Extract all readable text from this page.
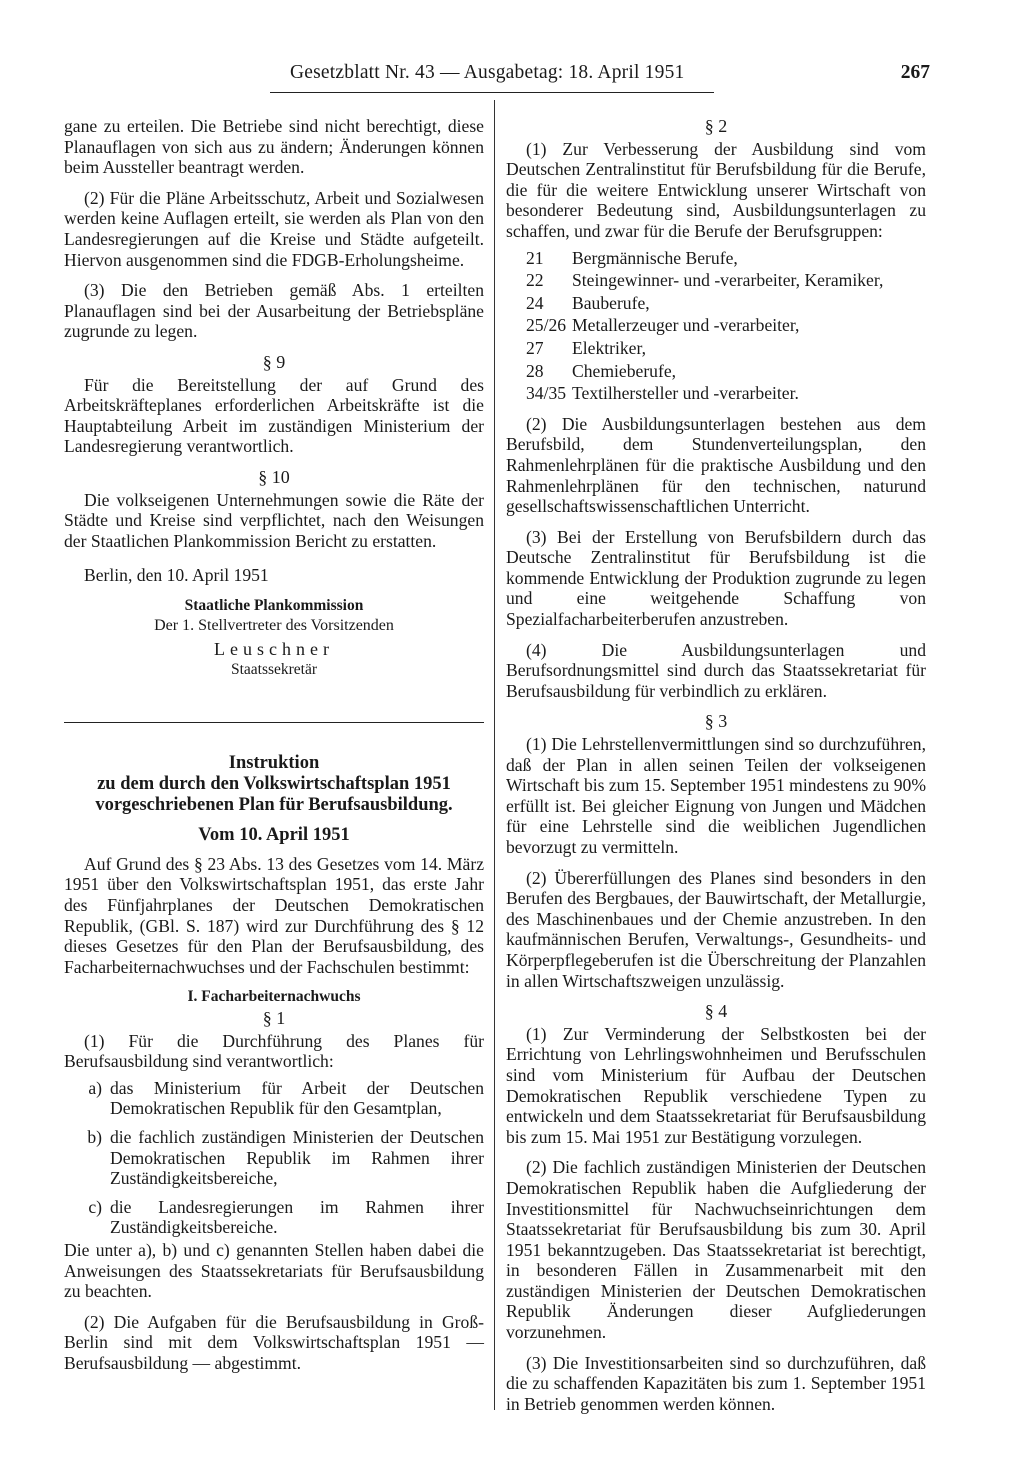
Gesetzblatt Nr. 43 — Ausgabetag: 18. April 1951	267

gane zu erteilen. Die Betriebe sind nicht berechtigt, diese Planauflagen von sich aus zu ändern; Änderungen können beim Aussteller beantragt werden.

(2) Für die Pläne Arbeitsschutz, Arbeit und Sozialwesen werden keine Auflagen erteilt, sie werden als Plan von den Landesregierungen auf die Kreise und Städte aufgeteilt. Hiervon ausgenommen sind die FDGB-Erholungsheime.

(3) Die den Betrieben gemäß Abs. 1 erteilten Planauflagen sind bei der Ausarbeitung der Betriebspläne zugrunde zu legen.

§ 9

Für die Bereitstellung der auf Grund des Arbeitskräfteplanes erforderlichen Arbeitskräfte ist die Hauptabteilung Arbeit im zuständigen Ministerium der Landesregierung verantwortlich.

§ 10

Die volkseigenen Unternehmungen sowie die Räte der Städte und Kreise sind verpflichtet, nach den Weisungen der Staatlichen Plankommission Bericht zu erstatten.

Berlin, den 10. April 1951

Staatliche Plankommission
Der 1. Stellvertreter des Vorsitzenden
Leuschner
Staatssekretär
Instruktion
zu dem durch den Volkswirtschaftsplan 1951
vorgeschriebenen Plan für Berufsausbildung.
Vom 10. April 1951

Auf Grund des § 23 Abs. 13 des Gesetzes vom 14. März 1951 über den Volkswirtschaftsplan 1951, das erste Jahr des Fünfjahrplanes der Deutschen Demokratischen Republik, (GBl. S. 187) wird zur Durchführung des § 12 dieses Gesetzes für den Plan der Berufsausbildung, des Facharbeiternachwuchses und der Fachschulen bestimmt:

I. Facharbeiternachwuchs
§ 1

(1) Für die Durchführung des Planes für Berufsausbildung sind verantwortlich:

a) das Ministerium für Arbeit der Deutschen Demokratischen Republik für den Gesamtplan,
b) die fachlich zuständigen Ministerien der Deutschen Demokratischen Republik im Rahmen ihrer Zuständigkeitsbereiche,
c) die Landesregierungen im Rahmen ihrer Zuständigkeitsbereiche.

Die unter a), b) und c) genannten Stellen haben dabei die Anweisungen des Staatssekretariats für Berufsausbildung zu beachten.

(2) Die Aufgaben für die Berufsausbildung in Groß-Berlin sind mit dem Volkswirtschaftsplan 1951 — Berufsausbildung — abgestimmt.

§ 2

(1) Zur Verbesserung der Ausbildung sind vom Deutschen Zentralinstitut für Berufsbildung für die Berufe, die für die weitere Entwicklung unserer Wirtschaft von besonderer Bedeutung sind, Ausbildungsunterlagen zu schaffen, und zwar für die Berufe der Berufsgruppen:

21	Bergmännische Berufe,
22	Steingewinner- und -verarbeiter, Keramiker,
24	Bauberufe,
25/26 Metallerzeuger und -verarbeiter,
27	Elektriker,
28	Chemieberufe,
34/35 Textilhersteller und -verarbeiter.

(2) Die Ausbildungsunterlagen bestehen aus dem Berufsbild, dem Stundenverteilungsplan, den Rahmenlehrplänen für die praktische Ausbildung und den Rahmenlehrplänen für den technischen, naturund gesellschaftswissenschaftlichen Unterricht.

(3) Bei der Erstellung von Berufsbildern durch das Deutsche Zentralinstitut für Berufsbildung ist die kommende Entwicklung der Produktion zugrunde zu legen und eine weitgehende Schaffung von Spezialfacharbeiterberufen anzustreben.

(4) Die Ausbildungsunterlagen und Berufsordnungsmittel sind durch das Staatssekretariat für Berufsausbildung für verbindlich zu erklären.

§ 3

(1) Die Lehrstellenvermittlungen sind so durchzuführen, daß der Plan in allen seinen Teilen der volkseigenen Wirtschaft bis zum 15. September 1951 mindestens zu 90% erfüllt ist. Bei gleicher Eignung von Jungen und Mädchen für eine Lehrstelle sind die weiblichen Jugendlichen bevorzugt zu vermitteln.

(2) Übererfüllungen des Planes sind besonders in den Berufen des Bergbaues, der Bauwirtschaft, der Metallurgie, des Maschinenbaues und der Chemie anzustreben. In den kaufmännischen Berufen, Verwaltungs-, Gesundheits- und Körperpflegeberufen ist die Überschreitung der Planzahlen in allen Wirtschaftszweigen unzulässig.

§ 4

(1) Zur Verminderung der Selbstkosten bei der Errichtung von Lehrlingswohnheimen und Berufsschulen sind vom Ministerium für Aufbau der Deutschen Demokratischen Republik verschiedene Typen zu entwickeln und dem Staatssekretariat für Berufsausbildung bis zum 15. Mai 1951 zur Bestätigung vorzulegen.

(2) Die fachlich zuständigen Ministerien der Deutschen Demokratischen Republik haben die Aufgliederung der Investitionsmittel für Nachwuchseinrichtungen dem Staatssekretariat für Berufsausbildung bis zum 30. April 1951 bekanntzugeben. Das Staatssekretariat ist berechtigt, in besonderen Fällen in Zusammenarbeit mit den zuständigen Ministerien der Deutschen Demokratischen Republik Änderungen dieser Aufgliederungen vorzunehmen.

(3) Die Investitionsarbeiten sind so durchzuführen, daß die zu schaffenden Kapazitäten bis zum 1. September 1951 in Betrieb genommen werden können.
